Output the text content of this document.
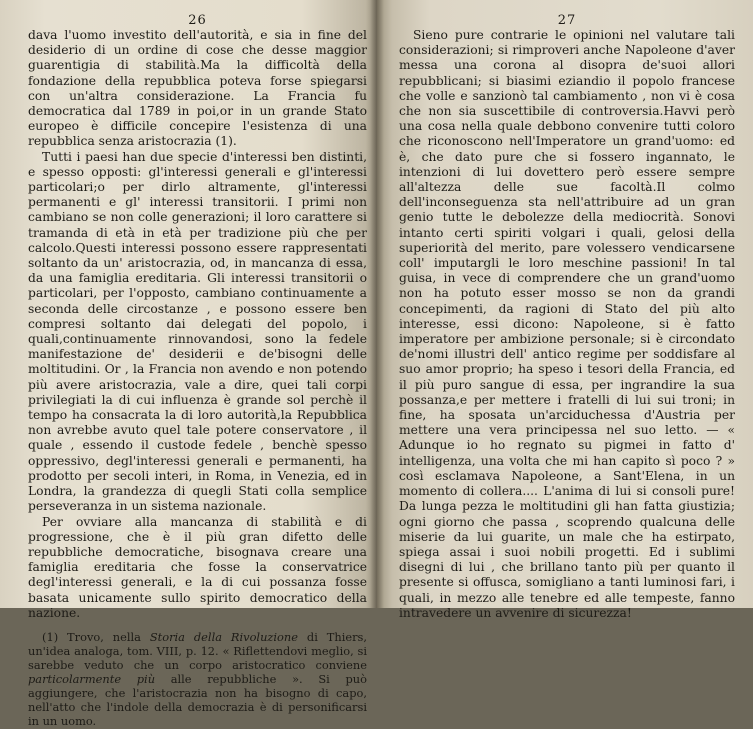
26

dava l'uomo investito dell'autorità, e sia in fine del desiderio di un ordine di cose che desse maggior guarentigia di stabilità.Ma la difficoltà della fondazione della repubblica poteva forse spiegarsi con un'altra considerazione. La Francia fu democratica dal 1789 in poi,or in un grande Stato europeo è difficile concepire l'esistenza di una repubblica senza aristocrazia (1).

Tutti i paesi han due specie d'interessi ben distinti, e spesso opposti: gl'interessi generali e gl'interessi particolari;o per dirlo altramente, gl'interessi permanenti e gl' interessi transitorii. I primi non cambiano se non colle generazioni; il loro carattere si tramanda di età in età per tradizione più che per calcolo.Questi interessi possono essere rappresentati soltanto da un' aristocrazia, od, in mancanza di essa, da una famiglia ereditaria. Gli interessi transitorii o particolari, per l'opposto, cambiano continuamente a seconda delle circostanze , e possono essere ben compresi soltanto dai delegati del popolo, i quali,continuamente rinnovandosi, sono la fedele manifestazione de' desiderii e de'bisogni delle moltitudini. Or , la Francia non avendo e non potendo più avere aristocrazia, vale a dire, quei tali corpi privilegiati la di cui influenza è grande sol perchè il tempo ha consacrata la di loro autorità,la Repubblica non avrebbe avuto quel tale potere conservatore , il quale , essendo il custode fedele , benchè spesso oppressivo, degl'interessi generali e permanenti, ha prodotto per secoli interi, in Roma, in Venezia, ed in Londra, la grandezza di quegli Stati colla semplice perseveranza in un sistema nazionale.

Per ovviare alla mancanza di stabilità e di progressione, che è il più gran difetto delle repubbliche democratiche, bisognava creare una famiglia ereditaria che fosse la conservatrice degl'interessi generali, e la di cui possanza fosse basata unicamente sullo spirito democratico della nazione.

(1) Trovo, nella Storia della Rivoluzione di Thiers, un'idea analoga, tom. VIII, p. 12. « Riflettendovi meglio, si sarebbe veduto che un corpo aristocratico conviene particolarmente più alle repubbliche ». Si può aggiungere, che l'aristocrazia non ha bisogno di capo, nell'atto che l'indole della democrazia è di personificarsi in un uomo.

27

Sieno pure contrarie le opinioni nel valutare tali considerazioni; si rimproveri anche Napoleone d'aver messa una corona al disopra de'suoi allori repubblicani; si biasimi eziandio il popolo francese che volle e sanzionò tal cambiamento , non vi è cosa che non sia suscettibile di controversia.Havvi però una cosa nella quale debbono convenire tutti coloro che riconoscono nell'Imperatore un grand'uomo: ed è, che dato pure che si fossero ingannato, le intenzioni di lui dovettero però essere sempre all'altezza delle sue facoltà.Il colmo dell'inconseguenza sta nell'attribuire ad un gran genio tutte le debolezze della mediocrità. Sonovi intanto certi spiriti volgari i quali, gelosi della superiorità del merito, pare volessero vendicarsene coll' imputargli le loro meschine passioni! In tal guisa, in vece di comprendere che un grand'uomo non ha potuto esser mosso se non da grandi concepimenti, da ragioni di Stato del più alto interesse, essi dicono: Napoleone, si è fatto imperatore per ambizione personale; si è circondato de'nomi illustri dell' antico regime per soddisfare al suo amor proprio; ha speso i tesori della Francia, ed il più puro sangue di essa, per ingrandire la sua possanza,e per mettere i fratelli di lui sui troni; in fine, ha sposata un'arciduchessa d'Austria per mettere una vera principessa nel suo letto. — « Adunque io ho regnato su pigmei in fatto d' intelligenza, una volta che mi han capito sì poco ? » così esclamava Napoleone, a Sant'Elena, in un momento di collera.... L'anima di lui si consoli pure! Da lunga pezza le moltitudini gli han fatta giustizia; ogni giorno che passa , scoprendo qualcuna delle miserie da lui guarite, un male che ha estirpato, spiega assai i suoi nobili progetti. Ed i sublimi disegni di lui , che brillano tanto più per quanto il presente si offusca, somigliano a tanti luminosi fari, i quali, in mezzo alle tenebre ed alle tempeste, fanno intravedere un avvenire di sicurezza!
